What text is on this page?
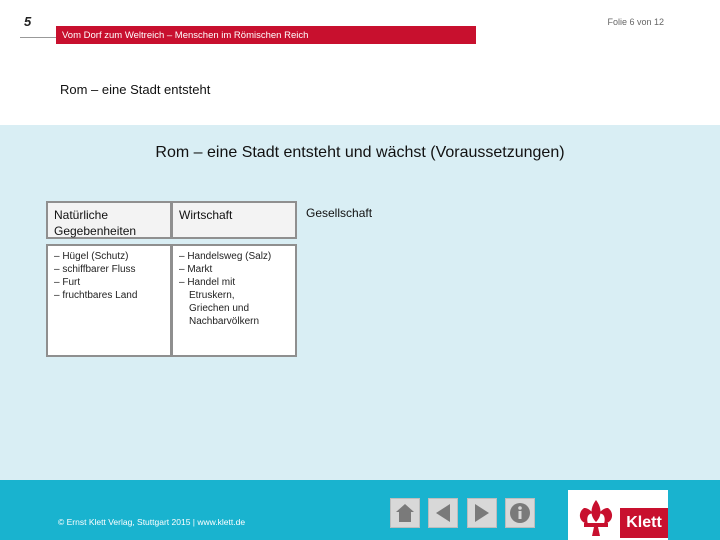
5	Folie 6 von 12
Vom Dorf zum Weltreich – Menschen im Römischen Reich
Rom – eine Stadt entsteht
Rom – eine Stadt entsteht und wächst (Voraussetzungen)
Natürliche Gegebenheiten
– Hügel (Schutz)
– schiffbarer Fluss
– Furt
– fruchtbares Land
Wirtschaft
– Handelsweg (Salz)
– Markt
– Handel mit
Etruskern,
Griechen und
Nachbarvölkern
Gesellschaft
© Ernst Klett Verlag, Stuttgart 2015 | www.klett.de	Klett
